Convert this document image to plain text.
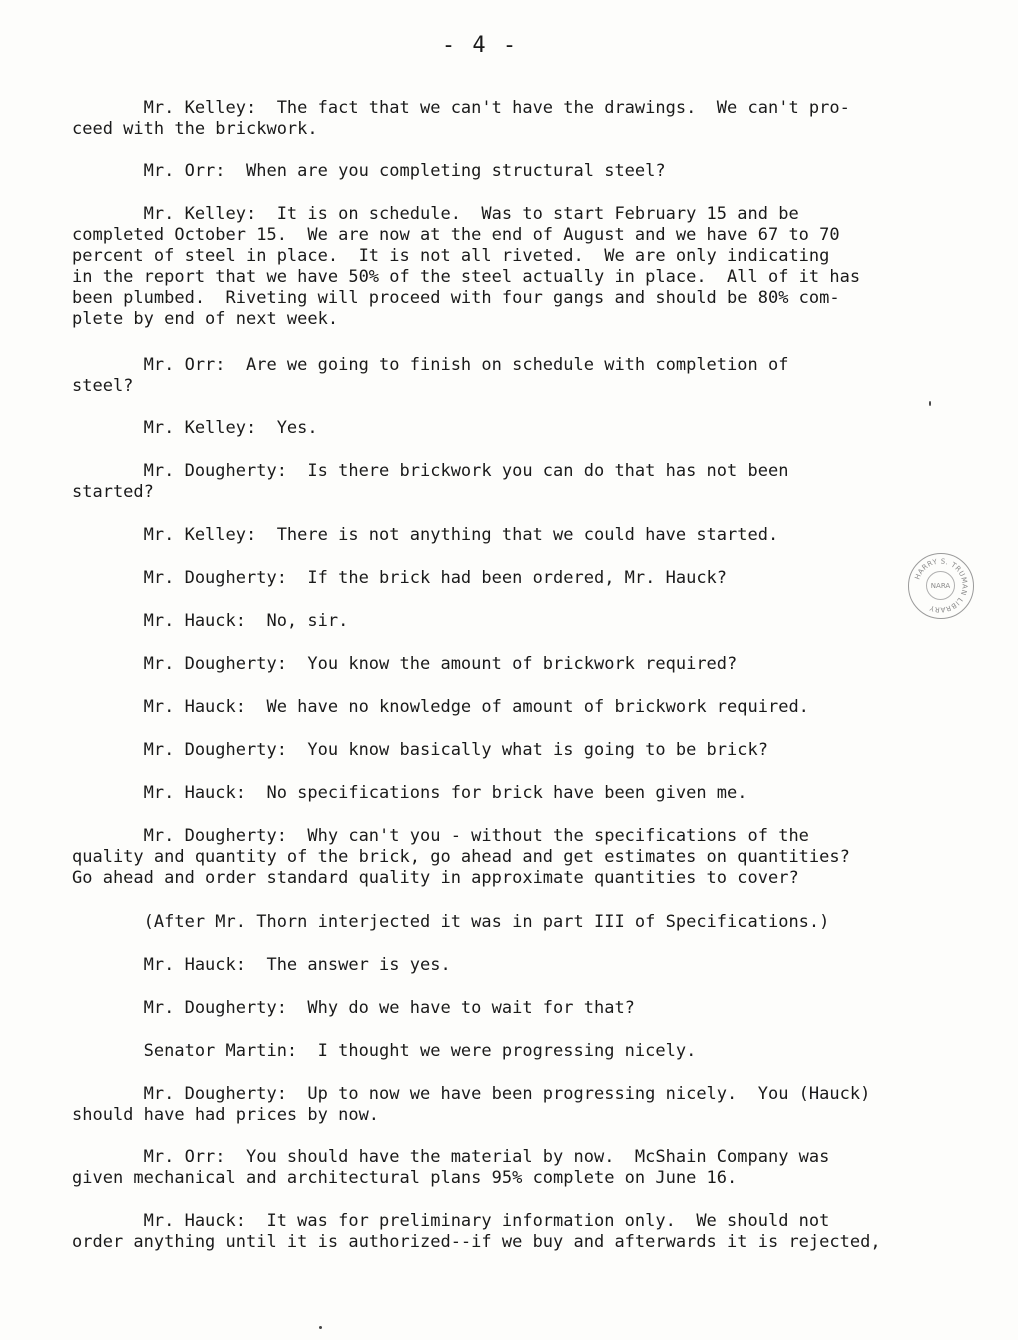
- 4 -
Mr. Kelley:  The fact that we can't have the drawings.  We can't pro-
ceed with the brickwork.
Mr. Orr:  When are you completing structural steel?
Mr. Kelley:  It is on schedule.  Was to start February 15 and be
completed October 15.  We are now at the end of August and we have 67 to 70
percent of steel in place.  It is not all riveted.  We are only indicating
in the report that we have 50% of the steel actually in place.  All of it has
been plumbed.  Riveting will proceed with four gangs and should be 80% com-
plete by end of next week.
Mr. Orr:  Are we going to finish on schedule with completion of
steel?
Mr. Kelley:  Yes.
Mr. Dougherty:  Is there brickwork you can do that has not been
started?
Mr. Kelley:  There is not anything that we could have started.
Mr. Dougherty:  If the brick had been ordered, Mr. Hauck?
Mr. Hauck:  No, sir.
Mr. Dougherty:  You know the amount of brickwork required?
Mr. Hauck:  We have no knowledge of amount of brickwork required.
Mr. Dougherty:  You know basically what is going to be brick?
Mr. Hauck:  No specifications for brick have been given me.
Mr. Dougherty:  Why can't you - without the specifications of the
quality and quantity of the brick, go ahead and get estimates on quantities?
Go ahead and order standard quality in approximate quantities to cover?
(After Mr. Thorn interjected it was in part III of Specifications.)
Mr. Hauck:  The answer is yes.
Mr. Dougherty:  Why do we have to wait for that?
Senator Martin:  I thought we were progressing nicely.
Mr. Dougherty:  Up to now we have been progressing nicely.  You (Hauck)
should have had prices by now.
Mr. Orr:  You should have the material by now.  McShain Company was
given mechanical and architectural plans 95% complete on June 16.
Mr. Hauck:  It was for preliminary information only.  We should not
order anything until it is authorized--if we buy and afterwards it is rejected,
HARRY S. TRUMAN LIBRARY
NARA
